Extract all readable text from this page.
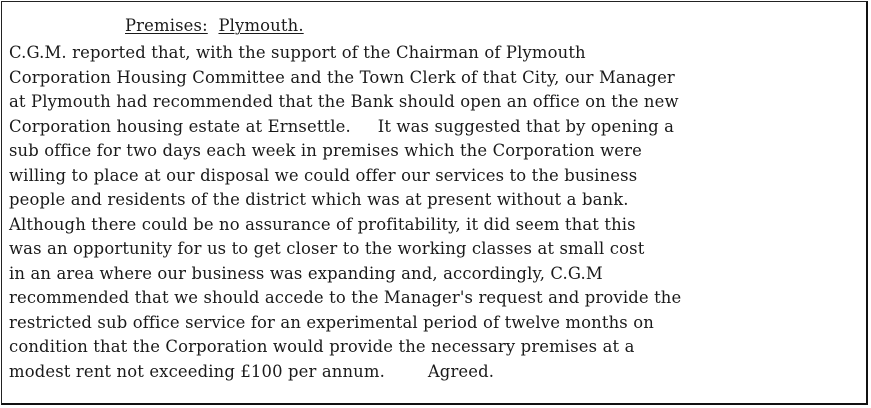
Premises: Plymouth.
C.G.M. reported that, with the support of the Chairman of Plymouth
Corporation Housing Committee and the Town Clerk of that City, our Manager
at Plymouth had recommended that the Bank should open an office on the new
Corporation housing estate at Ernsettle.     It was suggested that by opening a
sub office for two days each week in premises which the Corporation were
willing to place at our disposal we could offer our services to the business
people and residents of the district which was at present without a bank.
Although there could be no assurance of profitability, it did seem that this
was an opportunity for us to get closer to the working classes at small cost
in an area where our business was expanding and, accordingly, C.G.M
recommended that we should accede to the Manager's request and provide the
restricted sub office service for an experimental period of twelve months on
condition that the Corporation would provide the necessary premises at a
modest rent not exceeding £100 per annum.        Agreed.
